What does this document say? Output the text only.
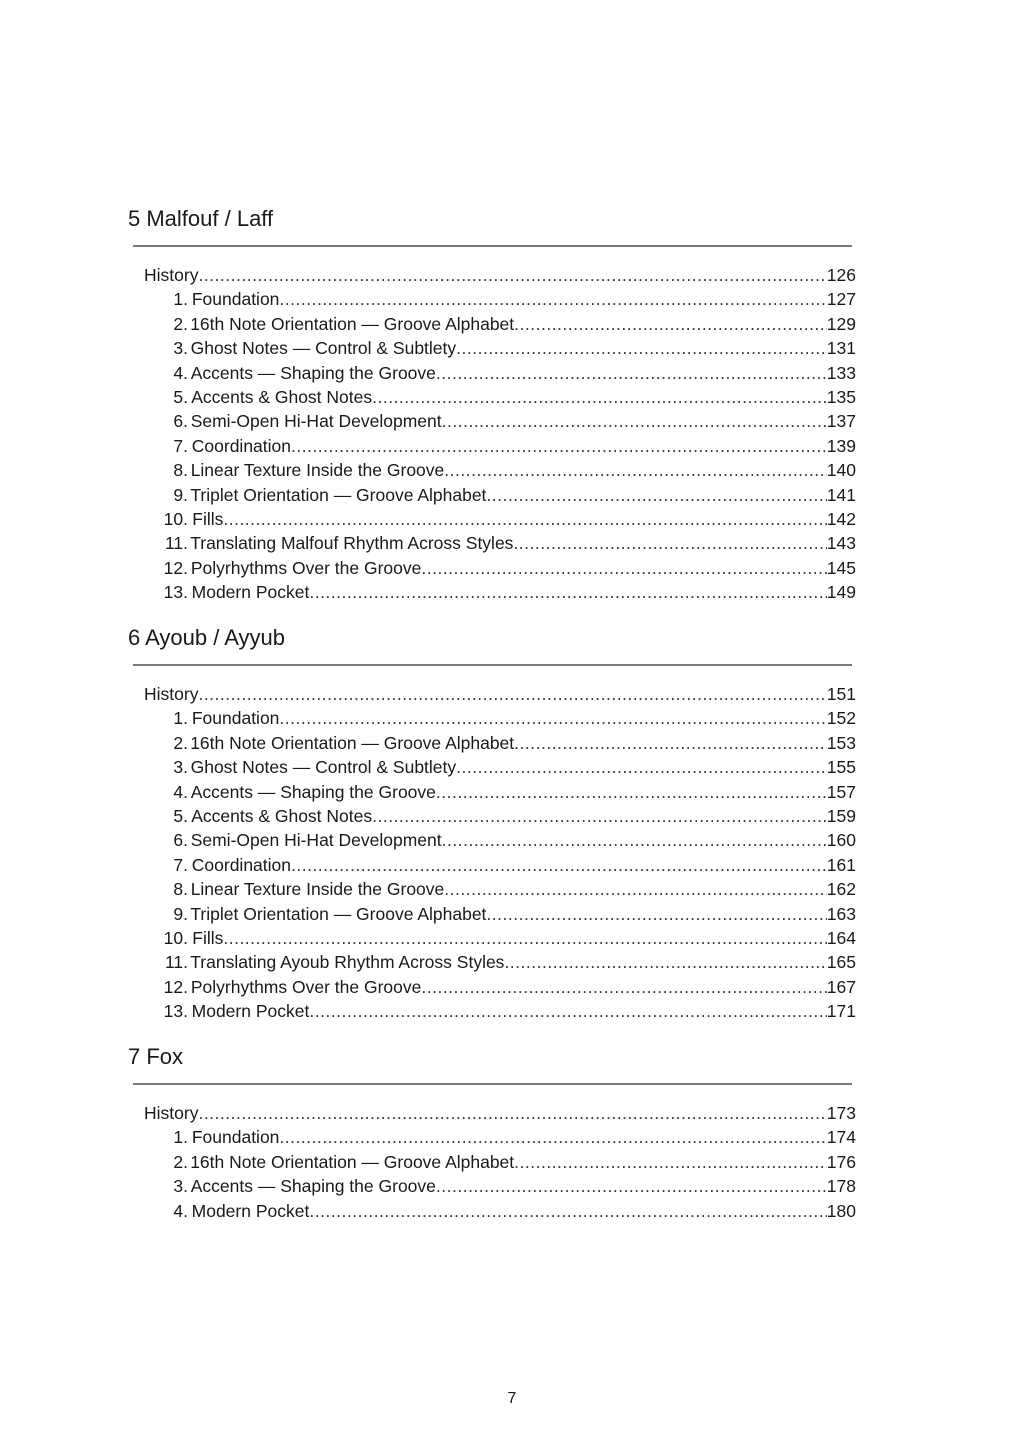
5 Malfouf / Laff
History .....	126
1. Foundation .....	127
2. 16th Note Orientation — Groove Alphabet .....	129
3. Ghost Notes — Control & Subtlety .....	131
4. Accents — Shaping the Groove .....	133
5. Accents & Ghost Notes .....	135
6. Semi-Open Hi-Hat Development .....	137
7. Coordination .....	139
8. Linear Texture Inside the Groove .....	140
9. Triplet Orientation — Groove Alphabet .....	141
10. Fills .....	142
11. Translating Malfouf Rhythm Across Styles .....	143
12. Polyrhythms Over the Groove .....	145
13. Modern Pocket .....	149
6 Ayoub / Ayyub
History .....	151
1. Foundation .....	152
2. 16th Note Orientation — Groove Alphabet .....	153
3. Ghost Notes — Control & Subtlety .....	155
4. Accents — Shaping the Groove .....	157
5. Accents & Ghost Notes .....	159
6. Semi-Open Hi-Hat Development .....	160
7. Coordination .....	161
8. Linear Texture Inside the Groove .....	162
9. Triplet Orientation — Groove Alphabet .....	163
10. Fills .....	164
11. Translating Ayoub Rhythm Across Styles .....	165
12. Polyrhythms Over the Groove .....	167
13. Modern Pocket .....	171
7 Fox
History .....	173
1. Foundation .....	174
2. 16th Note Orientation — Groove Alphabet .....	176
3. Accents — Shaping the Groove .....	178
4. Modern Pocket .....	180
7
